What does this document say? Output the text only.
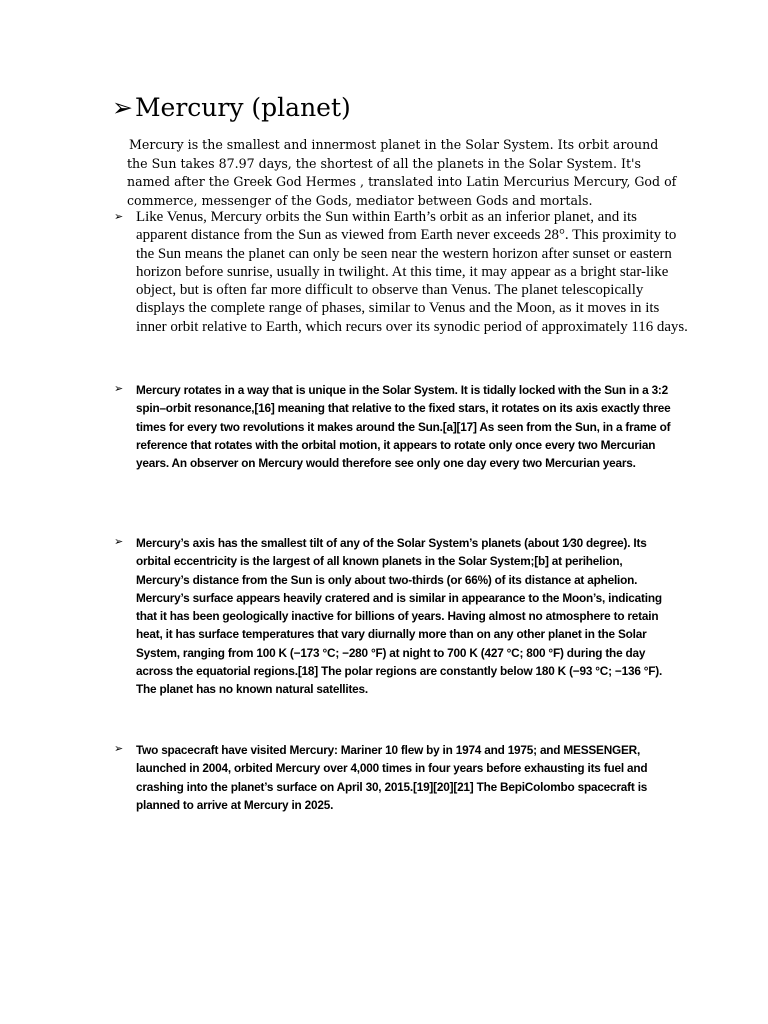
➢Mercury (planet)
Mercury is the smallest and innermost planet in the Solar System. Its orbit around
the Sun takes 87.97 days, the shortest of all the planets in the Solar System. It's
named after the Greek God Hermes , translated into Latin Mercurius Mercury, God of
commerce, messenger of the Gods, mediator between Gods and mortals.
➢ Like Venus, Mercury orbits the Sun within Earth’s orbit as an inferior planet, and its apparent distance from the Sun as viewed from Earth never exceeds 28°. This proximity to the Sun means the planet can only be seen near the western horizon after sunset or eastern horizon before sunrise, usually in twilight. At this time, it may appear as a bright star-like object, but is often far more difficult to observe than Venus. The planet telescopically displays the complete range of phases, similar to Venus and the Moon, as it moves in its inner orbit relative to Earth, which recurs over its synodic period of approximately 116 days.
➢	Mercury rotates in a way that is unique in the Solar System. It is tidally locked with the Sun in a 3:2 spin–orbit resonance,[16] meaning that relative to the fixed stars, it rotates on its axis exactly three times for every two revolutions it makes around the Sun.[a][17] As seen from the Sun, in a frame of reference that rotates with the orbital motion, it appears to rotate only once every two Mercurian years. An observer on Mercury would therefore see only one day every two Mercurian years.
➢	Mercury’s axis has the smallest tilt of any of the Solar System’s planets (about 1⁄30 degree). Its orbital eccentricity is the largest of all known planets in the Solar System;[b] at perihelion, Mercury’s distance from the Sun is only about two-thirds (or 66%) of its distance at aphelion. Mercury’s surface appears heavily cratered and is similar in appearance to the Moon’s, indicating that it has been geologically inactive for billions of years. Having almost no atmosphere to retain heat, it has surface temperatures that vary diurnally more than on any other planet in the Solar System, ranging from 100 K (−173 °C; −280 °F) at night to 700 K (427 °C; 800 °F) during the day across the equatorial regions.[18] The polar regions are constantly below 180 K (−93 °C; −136 °F). The planet has no known natural satellites.
➢	Two spacecraft have visited Mercury: Mariner 10 flew by in 1974 and 1975; and MESSENGER, launched in 2004, orbited Mercury over 4,000 times in four years before exhausting its fuel and crashing into the planet’s surface on April 30, 2015.[19][20][21] The BepiColombo spacecraft is planned to arrive at Mercury in 2025.
